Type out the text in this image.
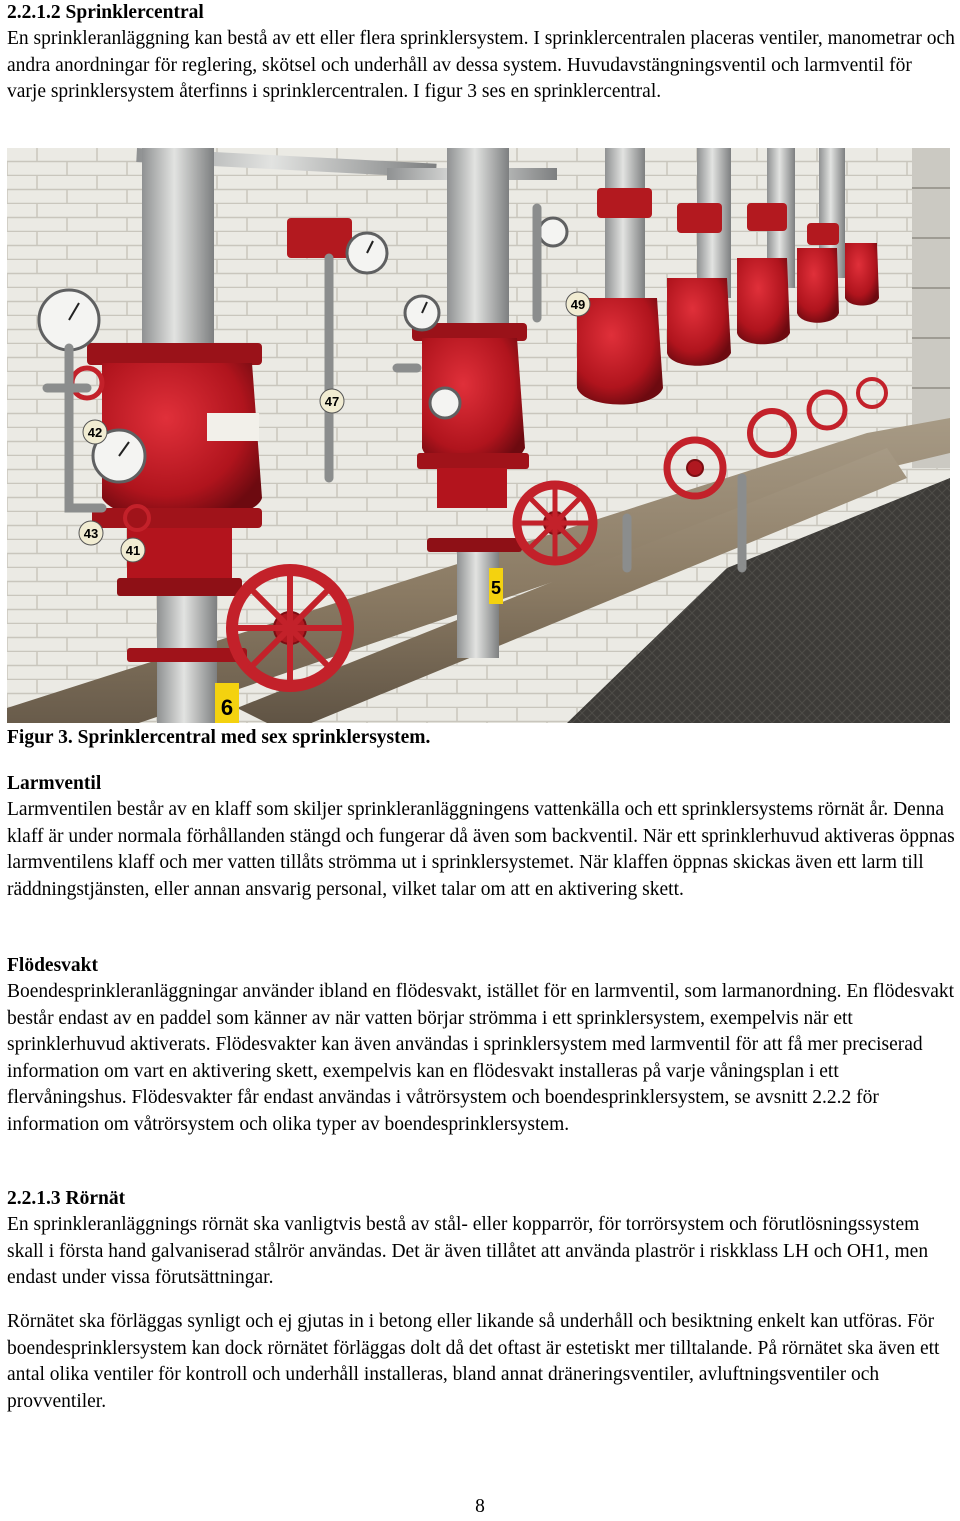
2.2.1.2 Sprinklercentral

En sprinkleranläggning kan bestå av ett eller flera sprinklersystem. I sprinklercentralen placeras ventiler, manometrar och andra anordningar för reglering, skötsel och underhåll av dessa system. Huvudavstängningsventil och larmventil för varje sprinklersystem återfinns i sprinklercentralen. I figur 3 ses en sprinklercentral.

42
43
41
47
6
5
49

Figur 3. Sprinklercentral med sex sprinklersystem.

Larmventil

Larmventilen består av en klaff som skiljer sprinkleranläggningens vattenkälla och ett sprinklersystems rörnät år. Denna klaff är under normala förhållanden stängd och fungerar då även som backventil. När ett sprinklerhuvud aktiveras öppnas larmventilens klaff och mer vatten tillåts strömma ut i sprinklersystemet. När klaffen öppnas skickas även ett larm till räddningstjänsten, eller annan ansvarig personal, vilket talar om att en aktivering skett.

Flödesvakt

Boendesprinkleranläggningar använder ibland en flödesvakt, istället för en larmventil, som larmanordning. En flödesvakt består endast av en paddel som känner av när vatten börjar strömma i ett sprinklersystem, exempelvis när ett sprinklerhuvud aktiverats. Flödesvakter kan även användas i sprinklersystem med larmventil för att få mer preciserad information om vart en aktivering skett, exempelvis kan en flödesvakt installeras på varje våningsplan i ett flervåningshus. Flödesvakter får endast användas i våtrörsystem och boendesprinklersystem, se avsnitt 2.2.2 för information om våtrörsystem och olika typer av boendesprinklersystem.

2.2.1.3 Rörnät

En sprinkleranläggnings rörnät ska vanligtvis bestå av stål- eller kopparrör, för torrörsystem och förutlösningssystem skall i första hand galvaniserad stålrör användas. Det är även tillåtet att använda plaströr i riskklass LH och OH1, men endast under vissa förutsättningar.

Rörnätet ska förläggas synligt och ej gjutas in i betong eller likande så underhåll och besiktning enkelt kan utföras. För boendesprinklersystem kan dock rörnätet förläggas dolt då det oftast är estetiskt mer tilltalande. På rörnätet ska även ett antal olika ventiler för kontroll och underhåll installeras, bland annat dräneringsventiler, avluftningsventiler och provventiler.

8
